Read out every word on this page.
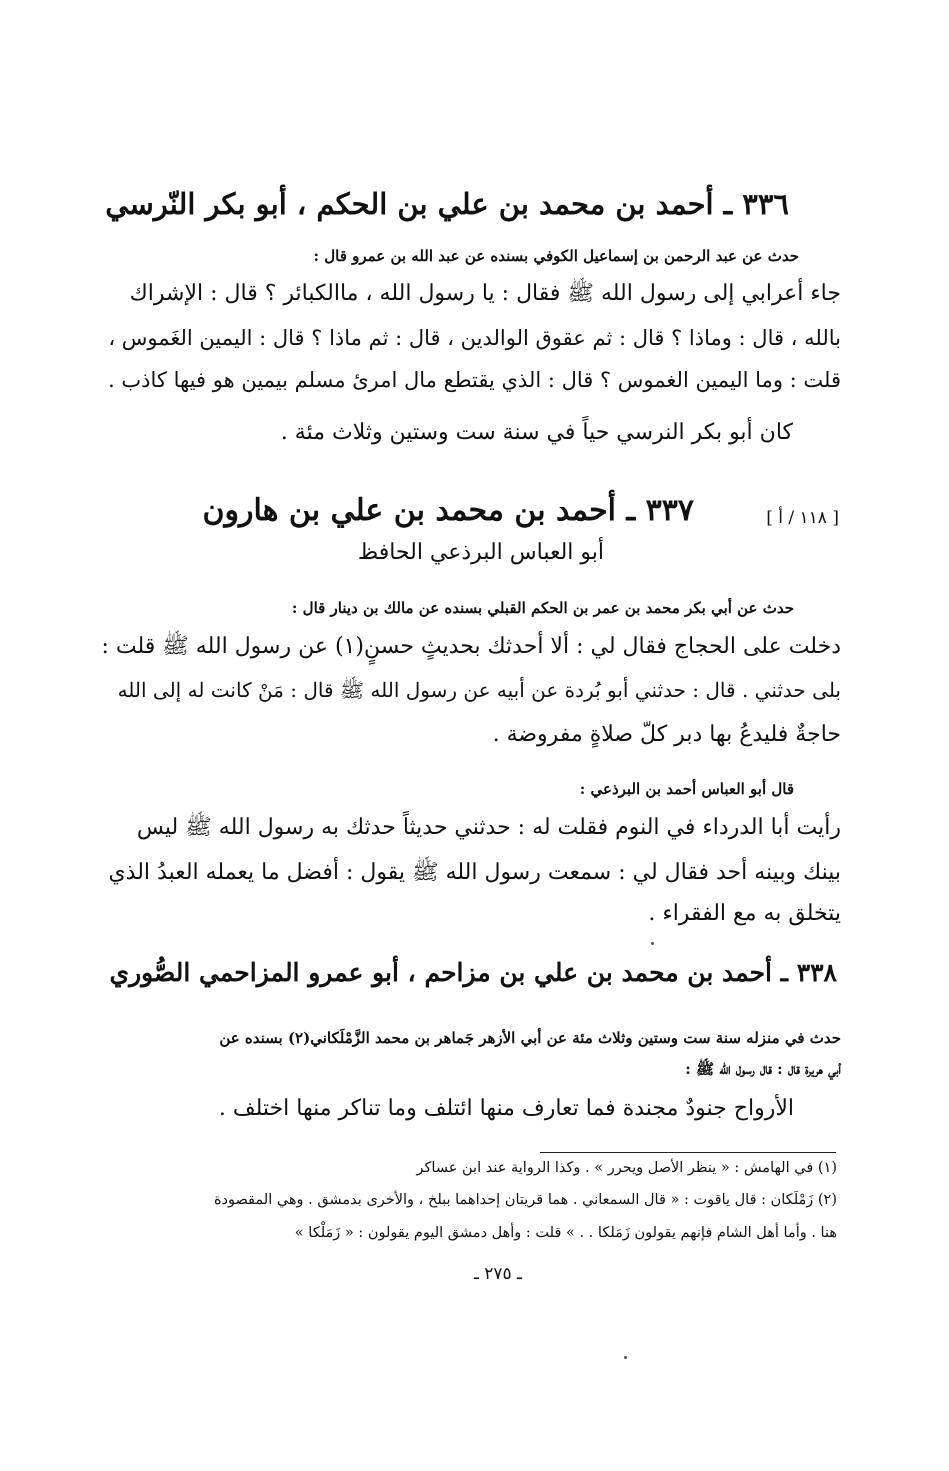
٣٣٦ ـ أحمد بن محمد بن علي بن الحكم ، أبو بكر النّرسي
حدث عن عبد الرحمن بن إسماعيل الكوفي بسنده عن عبد الله بن عمرو قال :
جاء أعرابي إلى رسول الله ﷺ فقال : يا رسول الله ، ماالكبائر ؟ قال : الإشراك
بالله ، قال : وماذا ؟ قال : ثم عقوق الوالدين ، قال : ثم ماذا ؟ قال : اليمين الغَموس ،
قلت : وما اليمين الغموس ؟ قال : الذي يقتطع مال امرئ مسلم بيمين هو فيها كاذب .
كان أبو بكر النرسي حياً في سنة ست وستين وثلاث مئة .
[ ١١٨ / أ ]
٣٣٧ ـ أحمد بن محمد بن علي بن هارون
أبو العباس البرذعي الحافظ
حدث عن أبي بكر محمد بن عمر بن الحكم القبلي بسنده عن مالك بن دينار قال :
دخلت على الحجاج فقال لي : ألا أحدثك بحديثٍ حسنٍ(١) عن رسول الله ﷺ قلت :
بلى حدثني . قال : حدثني أبو بُردة عن أبيه عن رسول الله ﷺ قال : مَنْ كانت له إلى الله
حاجةٌ فليدعُ بها دبر كلّ صلاةٍ مفروضة .
قال أبو العباس أحمد بن البرذعي :
رأيت أبا الدرداء في النوم فقلت له : حدثني حديثاً حدثك به رسول الله ﷺ ليس
بينك وبينه أحد فقال لي : سمعت رسول الله ﷺ يقول : أفضل ما يعمله العبدُ الذي
يتخلق به مع الفقراء .
٣٣٨ ـ أحمد بن محمد بن علي بن مزاحم ، أبو عمرو المزاحمي الصُّوري
حدث في منزله سنة ست وستين وثلاث مئة عن أبي الأزهر جَماهر بن محمد الزَّمْلَكاني(٢) بسنده عن
أبي هريرة قال : قال رسول الله ﷺ :
الأرواح جنودٌ مجندة فما تعارف منها ائتلف وما تناكر منها اختلف .
(١) في الهامش : « ينظر الأصل ويحرر » . وكذا الرواية عند ابن عساكر
(٢) زَمْلَكان : قال ياقوت : « قال السمعاني . هما قريتان إحداهما ببلخ ، والأخرى بدمشق . وهي المقصودة
هنا . وأما أهل الشام فإنهم يقولون زَمَلكا . . » قلت : وأهل دمشق اليوم يقولون : « زَمَلْكا »
ـ ٢٧٥ ـ
